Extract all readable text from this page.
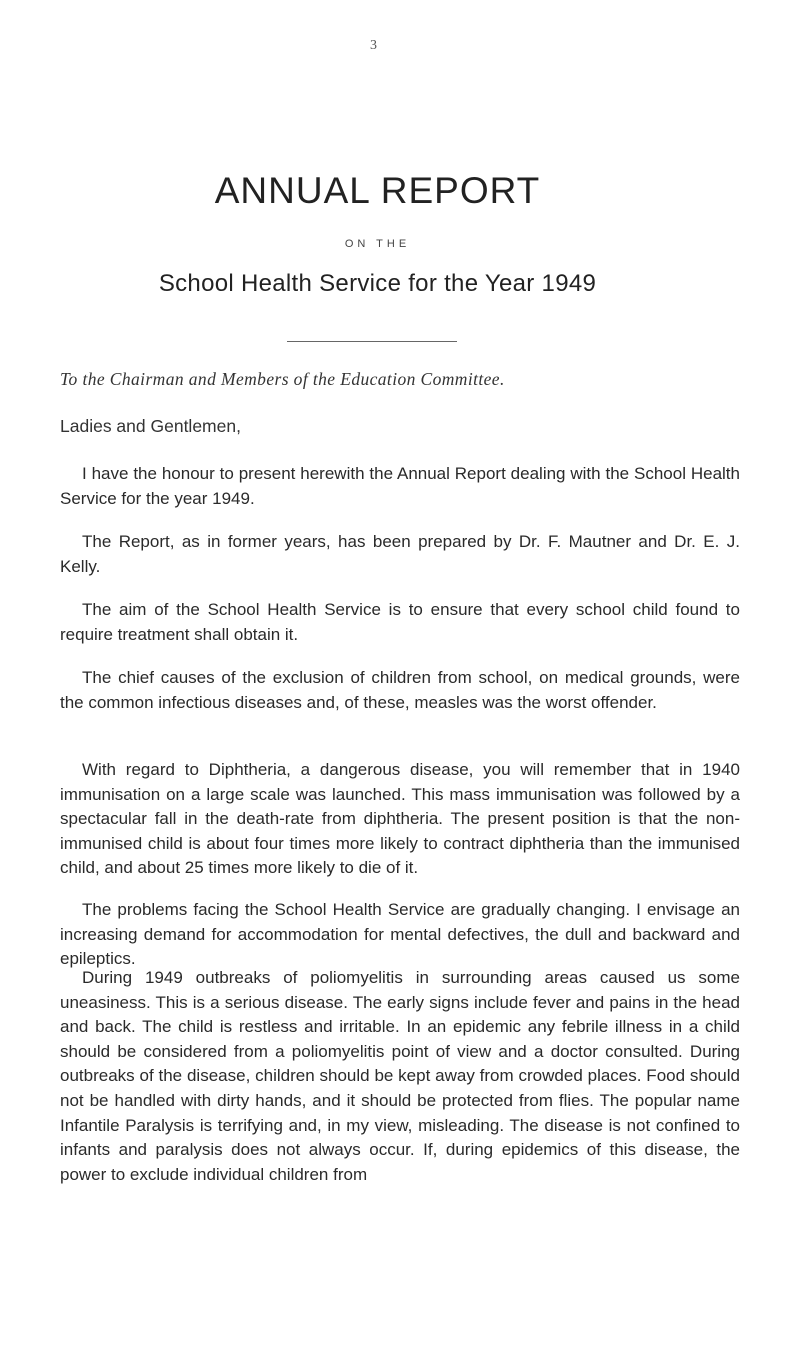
3
ANNUAL REPORT
ON THE
School Health Service for the Year 1949
To the Chairman and Members of the Education Committee.
Ladies and Gentlemen,

I have the honour to present herewith the Annual Report dealing with the School Health Service for the year 1949.

The Report, as in former years, has been prepared by Dr. F. Mautner and Dr. E. J. Kelly.

The aim of the School Health Service is to ensure that every school child found to require treatment shall obtain it.

The chief causes of the exclusion of children from school, on medical grounds, were the common infectious diseases and, of these, measles was the worst offender.

With regard to Diphtheria, a dangerous disease, you will remember that in 1940 immunisation on a large scale was launched. This mass immunisation was followed by a spectacular fall in the death-rate from diphtheria. The present position is that the non-immunised child is about four times more likely to contract diphtheria than the immunised child, and about 25 times more likely to die of it.

The problems facing the School Health Service are gradually changing. I envisage an increasing demand for accommodation for mental defectives, the dull and backward and epileptics.

During 1949 outbreaks of poliomyelitis in surrounding areas caused us some uneasiness. This is a serious disease. The early signs include fever and pains in the head and back. The child is restless and irritable. In an epidemic any febrile illness in a child should be considered from a poliomyelitis point of view and a doctor consulted. During outbreaks of the disease, children should be kept away from crowded places. Food should not be handled with dirty hands, and it should be protected from flies. The popular name Infantile Paralysis is terrifying and, in my view, misleading. The disease is not confined to infants and paralysis does not always occur. If, during epidemics of this disease, the power to exclude individual children from
